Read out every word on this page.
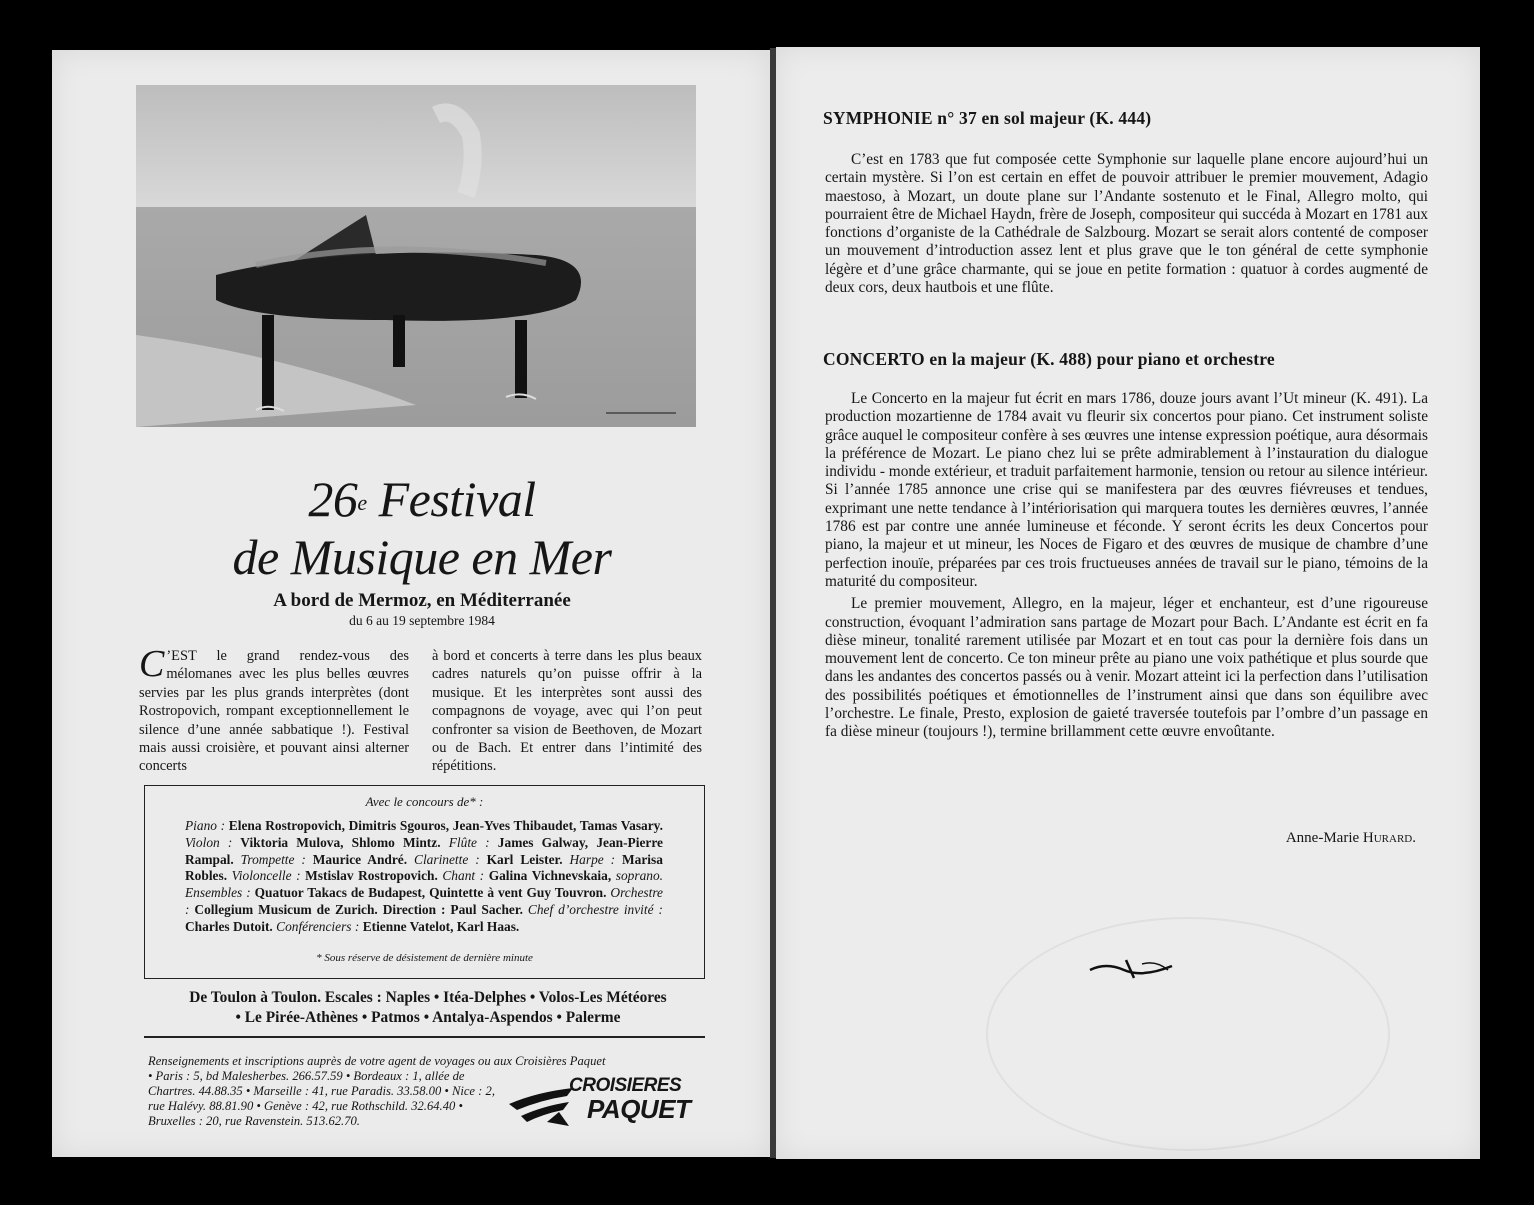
26e Festival
de Musique en Mer
A bord de Mermoz, en Méditerranée
du 6 au 19 septembre 1984
C ’EST le grand rendez-vous des mélomanes avec les plus belles œuvres servies par les plus grands interprètes (dont Rostropovich, rompant exceptionnellement le silence d’une année sabbatique !). Festival mais aussi croisière, et pouvant ainsi alterner concerts
à bord et concerts à terre dans les plus beaux cadres naturels qu’on puisse offrir à la musique. Et les interprètes sont aussi des compagnons de voyage, avec qui l’on peut confronter sa vision de Beethoven, de Mozart ou de Bach. Et entrer dans l’intimité des répétitions.
Avec le concours de* :
Piano : Elena Rostropovich, Dimitris Sgouros, Jean-Yves Thibaudet, Tamas Vasary. Violon : Viktoria Mulova, Shlomo Mintz. Flûte : James Galway, Jean-Pierre Rampal. Trompette : Maurice André. Clarinette : Karl Leister. Harpe : Marisa Robles. Violoncelle : Mstislav Rostropovich. Chant : Galina Vichnevskaia, soprano. Ensembles : Quatuor Takacs de Budapest, Quintette à vent Guy Touvron. Orchestre : Collegium Musicum de Zurich. Direction : Paul Sacher. Chef d’orchestre invité : Charles Dutoit. Conférenciers : Etienne Vatelot, Karl Haas.
* Sous réserve de désistement de dernière minute
De Toulon à Toulon. Escales : Naples • Itéa-Delphes • Volos-Les Météores
• Le Pirée-Athènes • Patmos • Antalya-Aspendos • Palerme
Renseignements et inscriptions auprès de votre agent de voyages ou aux Croisières Paquet
• Paris : 5, bd Malesherbes. 266.57.59 • Bordeaux : 1, allée de Chartres. 44.88.35 • Marseille : 41, rue Paradis. 33.58.00 • Nice : 2, rue Halévy. 88.81.90 • Genève : 42, rue Rothschild. 32.64.40 • Bruxelles : 20, rue Ravenstein. 513.62.70.
CROISIERES
PAQUET
SYMPHONIE n° 37 en sol majeur (K. 444)

C’est en 1783 que fut composée cette Symphonie sur laquelle plane encore aujourd’hui un certain mystère. Si l’on est certain en effet de pouvoir attribuer le premier mouvement, Adagio maestoso, à Mozart, un doute plane sur l’Andante sostenuto et le Final, Allegro molto, qui pourraient être de Michael Haydn, frère de Joseph, compositeur qui succéda à Mozart en 1781 aux fonctions d’organiste de la Cathédrale de Salzbourg. Mozart se serait alors contenté de composer un mouvement d’introduction assez lent et plus grave que le ton général de cette symphonie légère et d’une grâce charmante, qui se joue en petite formation : quatuor à cordes augmenté de deux cors, deux hautbois et une flûte.

CONCERTO en la majeur (K. 488) pour piano et orchestre

Le Concerto en la majeur fut écrit en mars 1786, douze jours avant l’Ut mineur (K. 491). La production mozartienne de 1784 avait vu fleurir six concertos pour piano. Cet instrument soliste grâce auquel le compositeur confère à ses œuvres une intense expression poétique, aura désormais la préférence de Mozart. Le piano chez lui se prête admirablement à l’instauration du dialogue individu - monde extérieur, et traduit parfaitement harmonie, tension ou retour au silence intérieur. Si l’année 1785 annonce une crise qui se manifestera par des œuvres fiévreuses et tendues, exprimant une nette tendance à l’intériorisation qui marquera toutes les dernières œuvres, l’année 1786 est par contre une année lumineuse et féconde. Y seront écrits les deux Concertos pour piano, la majeur et ut mineur, les Noces de Figaro et des œuvres de musique de chambre d’une perfection inouïe, préparées par ces trois fructueuses années de travail sur le piano, témoins de la maturité du compositeur.

Le premier mouvement, Allegro, en la majeur, léger et enchanteur, est d’une rigoureuse construction, évoquant l’admiration sans partage de Mozart pour Bach. L’Andante est écrit en fa dièse mineur, tonalité rarement utilisée par Mozart et en tout cas pour la dernière fois dans un mouvement lent de concerto. Ce ton mineur prête au piano une voix pathétique et plus sourde que dans les andantes des concertos passés ou à venir. Mozart atteint ici la perfection dans l’utilisation des possibilités poétiques et émotionnelles de l’instrument ainsi que dans son équilibre avec l’orchestre. Le finale, Presto, explosion de gaieté traversée toutefois par l’ombre d’un passage en fa dièse mineur (toujours !), termine brillamment cette œuvre envoûtante.

Anne-Marie Hurard.
